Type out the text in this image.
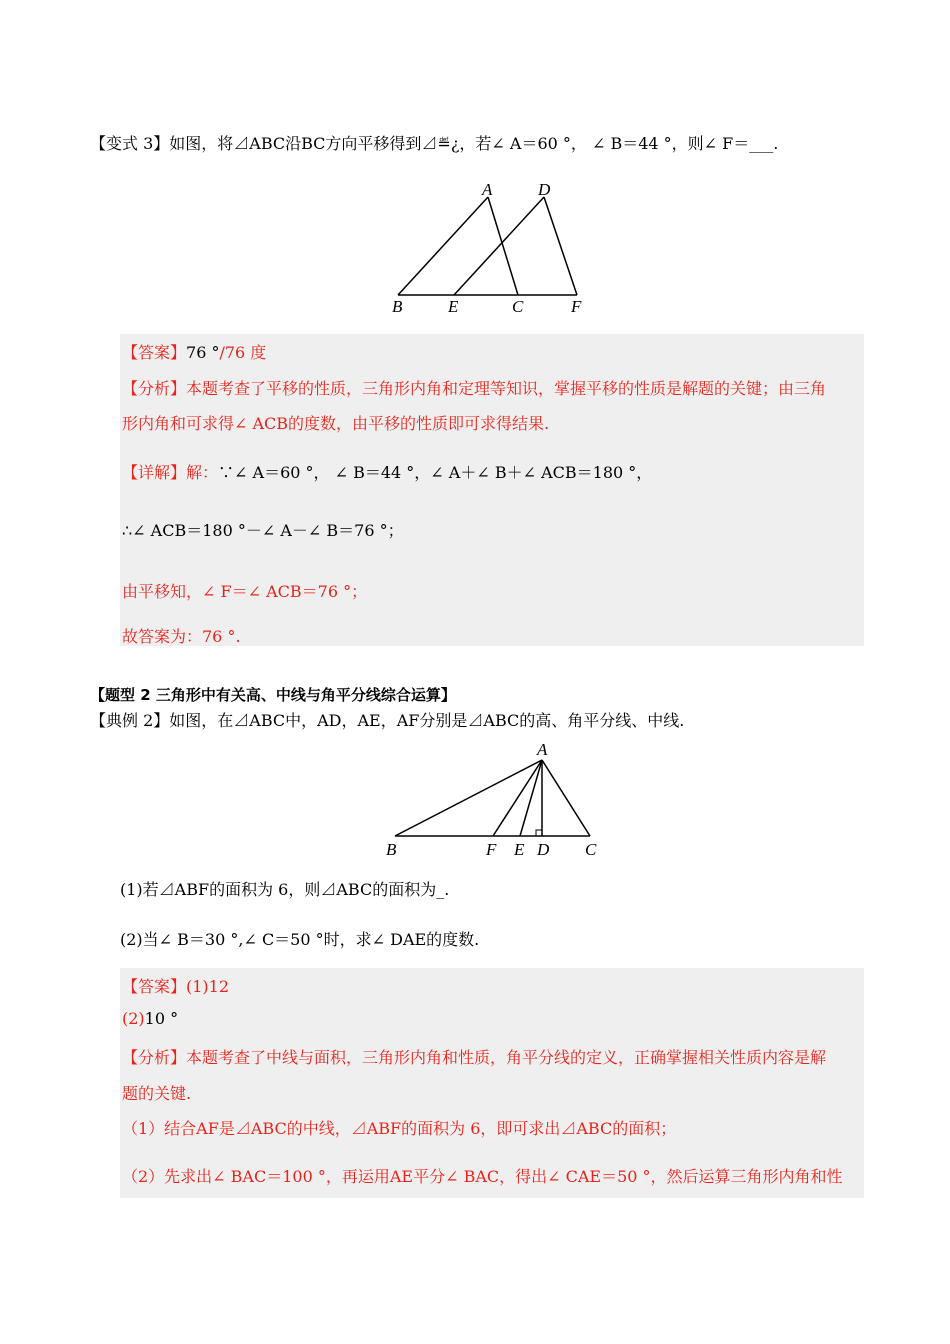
【变式 3】如图，将⊿ABC沿BC方向平移得到⊿≝¿，若∠ A＝60 °， ∠ B＝44 °，则∠ F＝___.
A	D
B	E	C	F
【答案】76 °/76 度
【分析】本题考查了平移的性质，三角形内角和定理等知识，掌握平移的性质是解题的关键；由三角
形内角和可求得∠ ACB的度数，由平移的性质即可求得结果.
【详解】解：∵∠ A＝60 °， ∠ B＝44 °，∠ A＋∠ B＋∠ ACB＝180 °，
∴∠ ACB＝180 °－∠ A－∠ B＝76 °；
由平移知，∠ F＝∠ ACB＝76 °；
故答案为：76 °.
【题型 2 三角形中有关高、中线与角平分线综合运算】
【典例 2】如图，在⊿ABC中，AD，AE，AF分别是⊿ABC的高、角平分线、中线.
A
B	F E D C
(1)若⊿ABF的面积为 6，则⊿ABC的面积为_.
(2)当∠ B＝30 °,∠ C＝50 °时，求∠ DAE的度数.
【答案】(1)12
(2)10 °
【分析】本题考查了中线与面积，三角形内角和性质，角平分线的定义，正确掌握相关性质内容是解
题的关键.
（1）结合AF是⊿ABC的中线，⊿ABF的面积为 6，即可求出⊿ABC的面积；
（2）先求出∠ BAC＝100 °，再运用AE平分∠ BAC，得出∠ CAE＝50 °，然后运算三角形内角和性
